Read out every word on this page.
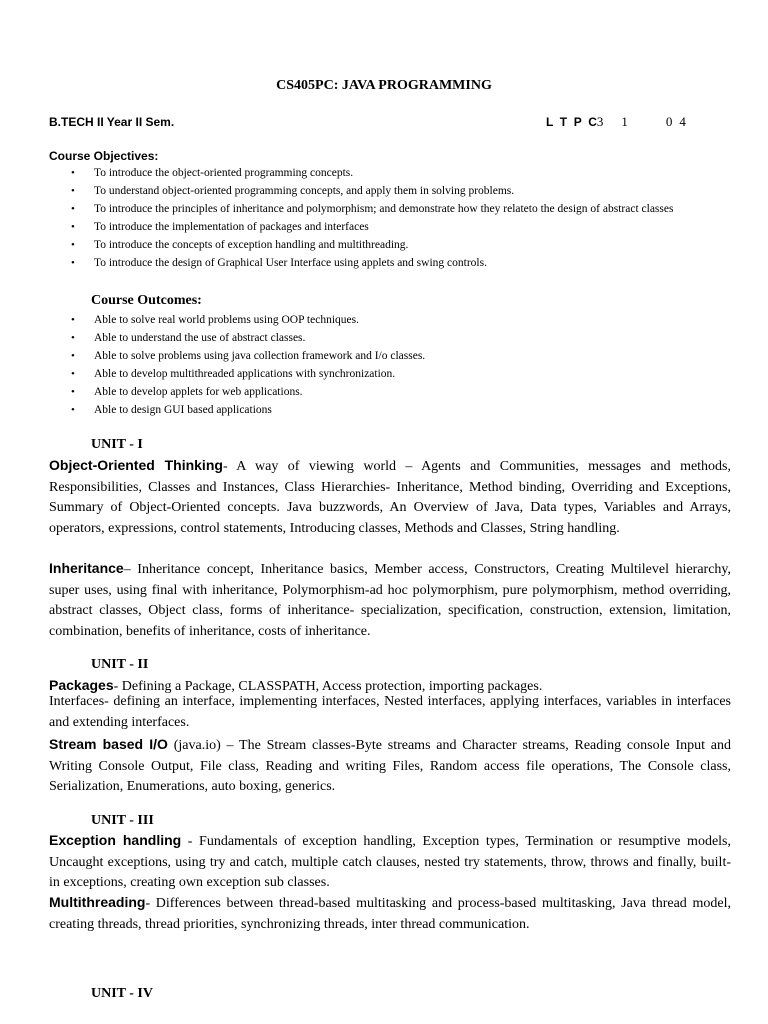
CS405PC: JAVA PROGRAMMING
B.TECH II Year II Sem.	L  T  P  C3 1	0 4
Course Objectives:
• To introduce the object-oriented programming concepts.
• To understand object-oriented programming concepts, and apply them in solving problems.
• To introduce the principles of inheritance and polymorphism; and demonstrate how they relateto the design of abstract classes
• To introduce the implementation of packages and interfaces
• To introduce the concepts of exception handling and multithreading.
• To introduce the design of Graphical User Interface using applets and swing controls.
Course Outcomes:
• Able to solve real world problems using OOP techniques.
• Able to understand the use of abstract classes.
• Able to solve problems using java collection framework and I/o classes.
• Able to develop multithreaded applications with synchronization.
• Able to develop applets for web applications.
• Able to design GUI based applications
UNIT - I
Object-Oriented Thinking- A way of viewing world – Agents and Communities, messages and methods, Responsibilities, Classes and Instances, Class Hierarchies- Inheritance, Method binding, Overriding and Exceptions, Summary of Object-Oriented concepts. Java buzzwords, An Overview of Java, Data types, Variables and Arrays, operators, expressions, control statements, Introducing classes, Methods and Classes, String handling.
Inheritance– Inheritance concept, Inheritance basics, Member access, Constructors, Creating Multilevel hierarchy, super uses, using final with inheritance, Polymorphism-ad hoc polymorphism, pure polymorphism, method overriding, abstract classes, Object class, forms of inheritance- specialization, specification, construction, extension, limitation, combination, benefits of inheritance, costs of inheritance.
UNIT - II
Packages- Defining a Package, CLASSPATH, Access protection, importing packages.
Interfaces- defining an interface, implementing interfaces, Nested interfaces, applying interfaces, variables in interfaces and extending interfaces.
Stream based I/O (java.io) – The Stream classes-Byte streams and Character streams, Reading console Input and Writing Console Output, File class, Reading and writing Files, Random access file operations, The Console class, Serialization, Enumerations, auto boxing, generics.
UNIT - III
Exception handling - Fundamentals of exception handling, Exception types, Termination or resumptive models, Uncaught exceptions, using try and catch, multiple catch clauses, nested try statements, throw, throws and finally, built- in exceptions, creating own exception sub classes.
Multithreading- Differences between thread-based multitasking and process-based multitasking, Java thread model, creating threads, thread priorities, synchronizing threads, inter thread communication.
UNIT - IV
